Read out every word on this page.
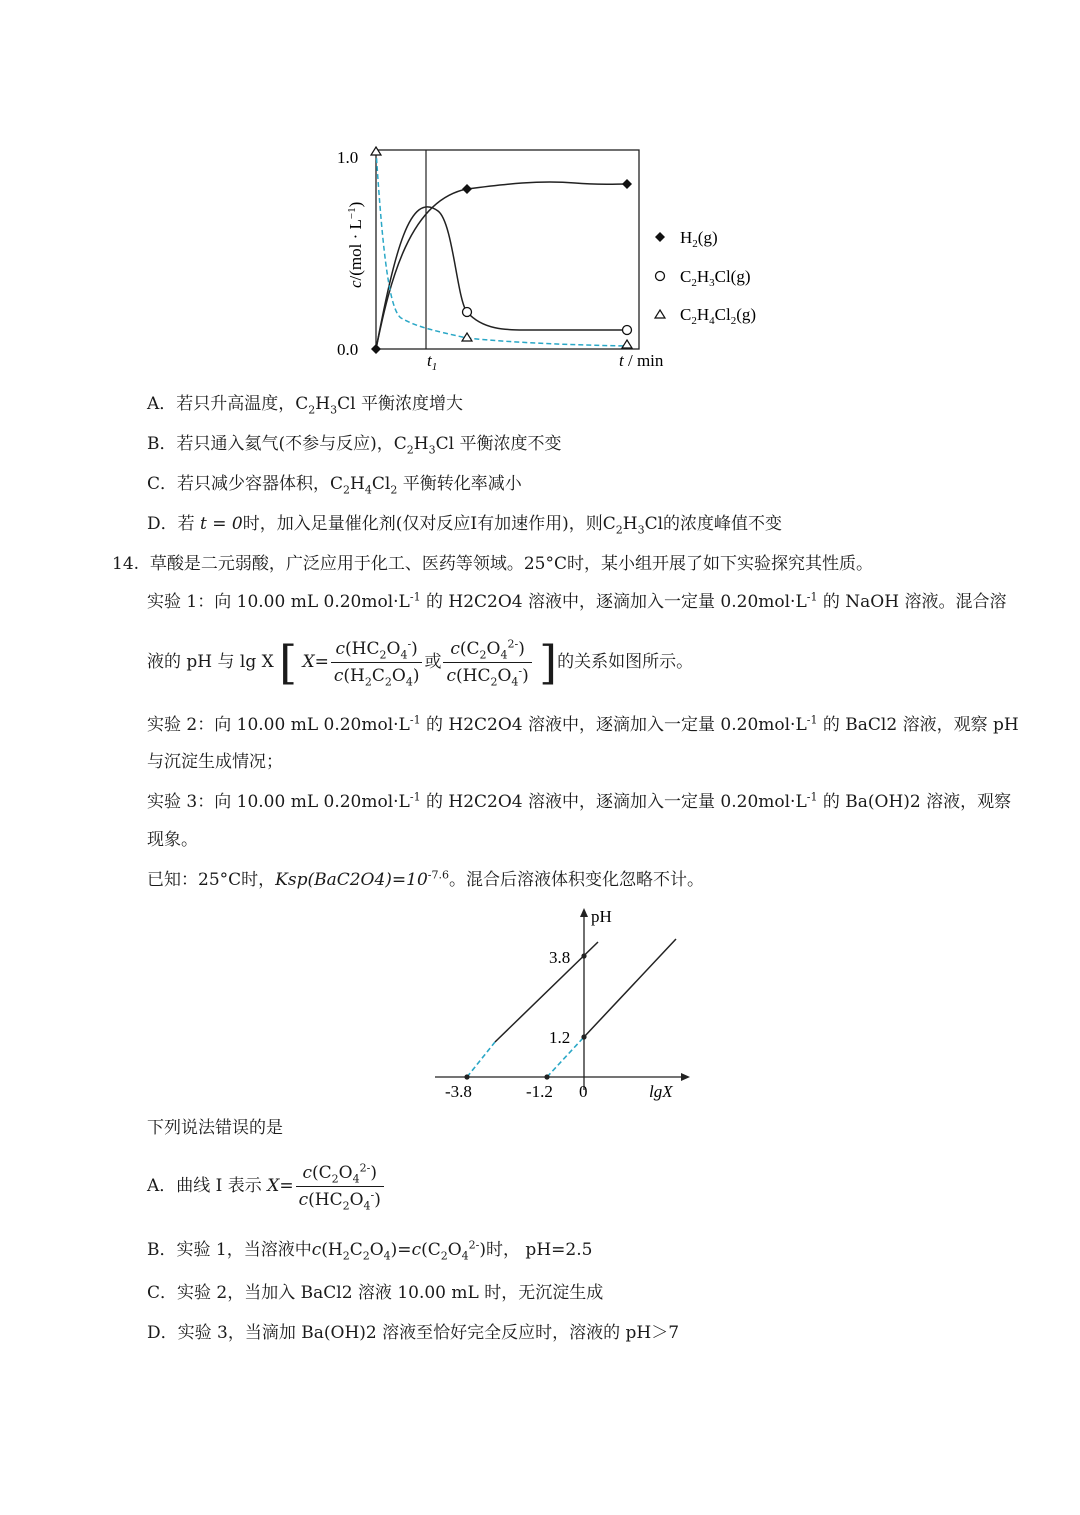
1.0
0.0
$t_1$	t / min
$c/(mol \cdot L^{-1})$
$H_2(g)$
$C_2H_3Cl(g)$
$C_2H_4Cl_2(g)$
A．若只升高温度，$C_2H_3Cl$ 平衡浓度增大
B．若只通入氦气(不参与反应)，$C_2H_3Cl$ 平衡浓度不变
C．若只减少容器体积，$C_2H_4Cl_2$ 平衡转化率减小
D．若 t = 0时，加入足量催化剂(仅对反应Ⅰ有加速作用)，则$C_2H_3Cl$的浓度峰值不变
14. 草酸是二元弱酸，广泛应用于化工、医药等领域。25°C时，某小组开展了如下实验探究其性质。
实验 1：向 10.00 mL $0.20mol\cdot L^{-1}$ 的 H2C2O4 溶液中，逐滴加入一定量 $0.20mol\cdot L^{-1}$ 的 NaOH 溶液。混合溶
液的 pH 与 lg X [ $X= \frac{c(HC_2O_4^-)}{c(H_2C_2O_4)}$ 或 $\frac{c(C_2O_4^{2-})}{c(HC_2O_4^-)}$ ]的关系如图所示。
实验 2：向 10.00 mL $0.20mol\cdot L^{-1}$ 的 H2C2O4 溶液中，逐滴加入一定量 $0.20mol\cdot L^{-1}$ 的 BaCl2 溶液，观察 pH
与沉淀生成情况；
实验 3：向 10.00 mL $0.20mol\cdot L^{-1}$ 的 H2C2O4 溶液中，逐滴加入一定量 $0.20mol\cdot L^{-1}$ 的 Ba(OH)2 溶液，观察
现象。
已知：25°C时，$Ksp(BaC2O4)=10^{-7.6}$。混合后溶液体积变化忽略不计。
pH
lgX
3.8
1.2
-3.8	-1.2 0
下列说法错误的是
A．曲线 I 表示 $X= \frac{c(C_2O_4^{2-})}{c(HC_2O_4^-)}$
B．实验 1，当溶液中$c(H_2C_2O_4)=c(C_2O_4^{2-})$时， pH=2.5
C．实验 2，当加入 BaCl2 溶液 10.00 mL 时，无沉淀生成
D．实验 3，当滴加 Ba(OH)2 溶液至恰好完全反应时，溶液的 pH＞7
